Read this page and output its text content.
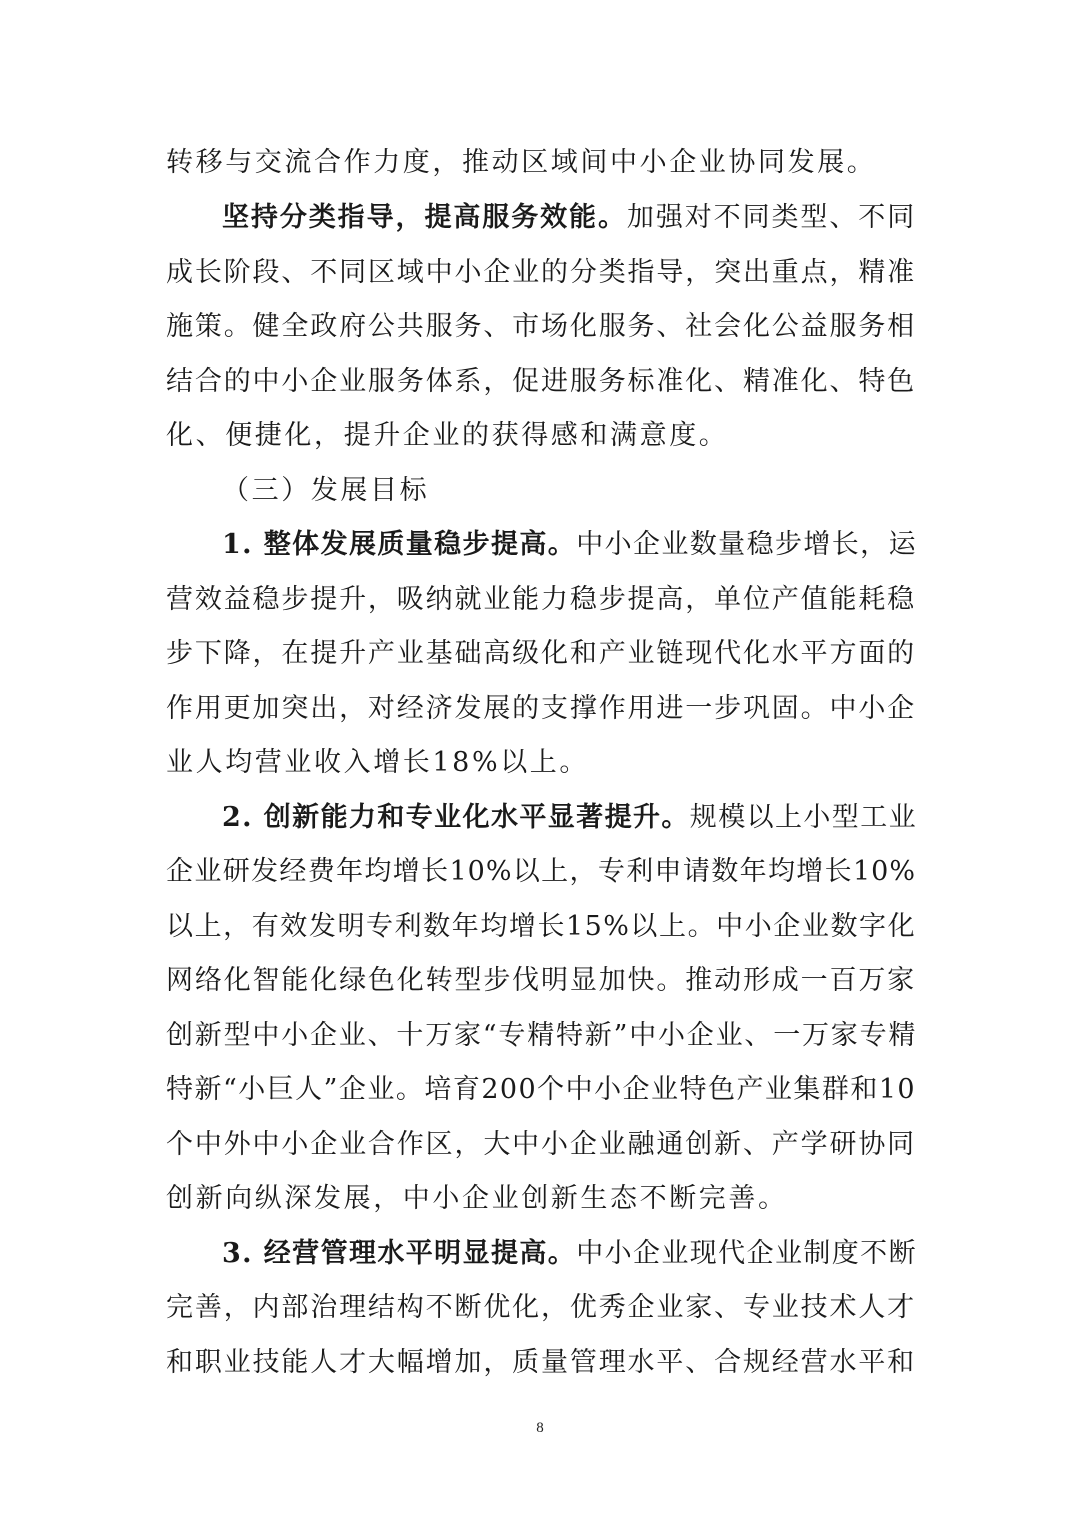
转移与交流合作力度，推动区域间中小企业协同发展。
坚持分类指导，提高服务效能。加强对不同类型、不同
成长阶段、不同区域中小企业的分类指导，突出重点，精准
施策。健全政府公共服务、市场化服务、社会化公益服务相
结合的中小企业服务体系，促进服务标准化、精准化、特色
化、便捷化，提升企业的获得感和满意度。
（三）发展目标
1. 整体发展质量稳步提高。中小企业数量稳步增长，运
营效益稳步提升，吸纳就业能力稳步提高，单位产值能耗稳
步下降，在提升产业基础高级化和产业链现代化水平方面的
作用更加突出，对经济发展的支撑作用进一步巩固。中小企
业人均营业收入增长18%以上。
2. 创新能力和专业化水平显著提升。规模以上小型工业
企业研发经费年均增长10%以上，专利申请数年均增长10%
以上，有效发明专利数年均增长15%以上。中小企业数字化
网络化智能化绿色化转型步伐明显加快。推动形成一百万家
创新型中小企业、十万家“专精特新”中小企业、一万家专精
特新“小巨人”企业。培育200个中小企业特色产业集群和10
个中外中小企业合作区，大中小企业融通创新、产学研协同
创新向纵深发展，中小企业创新生态不断完善。
3. 经营管理水平明显提高。中小企业现代企业制度不断
完善，内部治理结构不断优化，优秀企业家、专业技术人才
和职业技能人才大幅增加，质量管理水平、合规经营水平和
8
